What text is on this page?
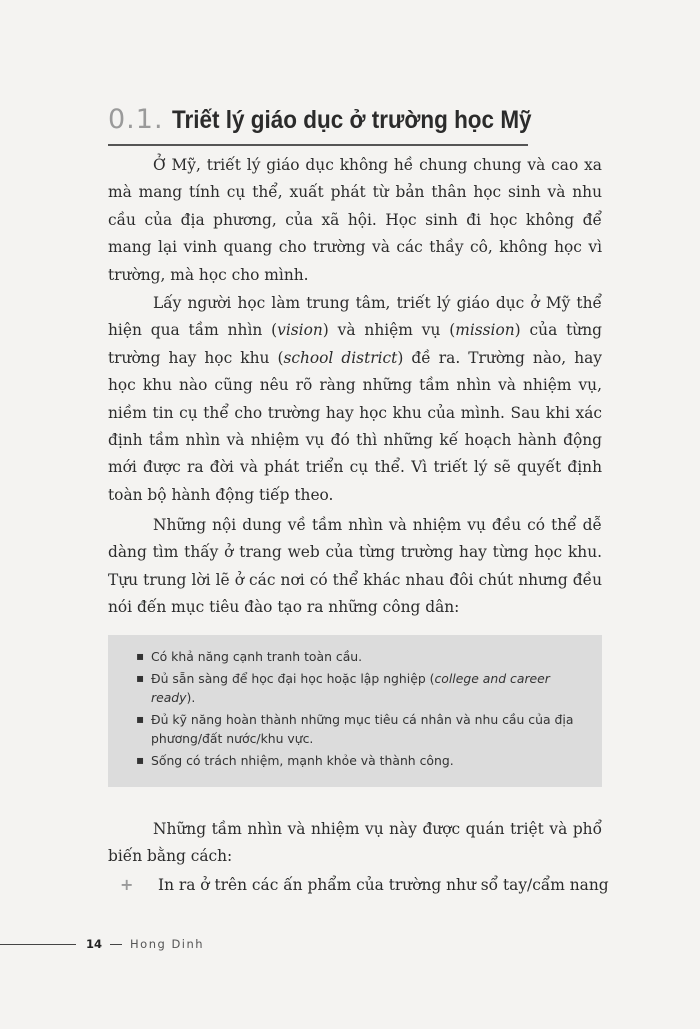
0.1. Triết lý giáo dục ở trường học Mỹ

Ở Mỹ, triết lý giáo dục không hề chung chung và cao xa mà mang tính cụ thể, xuất phát từ bản thân học sinh và nhu cầu của địa phương, của xã hội. Học sinh đi học không để mang lại vinh quang cho trường và các thầy cô, không học vì trường, mà học cho mình.

Lấy người học làm trung tâm, triết lý giáo dục ở Mỹ thể hiện qua tầm nhìn (vision) và nhiệm vụ (mission) của từng trường hay học khu (school district) đề ra. Trường nào, hay học khu nào cũng nêu rõ ràng những tầm nhìn và nhiệm vụ, niềm tin cụ thể cho trường hay học khu của mình. Sau khi xác định tầm nhìn và nhiệm vụ đó thì những kế hoạch hành động mới được ra đời và phát triển cụ thể. Vì triết lý sẽ quyết định toàn bộ hành động tiếp theo.

Những nội dung về tầm nhìn và nhiệm vụ đều có thể dễ dàng tìm thấy ở trang web của từng trường hay từng học khu. Tựu trung lời lẽ ở các nơi có thể khác nhau đôi chút nhưng đều nói đến mục tiêu đào tạo ra những công dân:

▪ Có khả năng cạnh tranh toàn cầu.
▪ Đủ sẵn sàng để học đại học hoặc lập nghiệp (college and career ready).
▪ Đủ kỹ năng hoàn thành những mục tiêu cá nhân và nhu cầu của địa phương/đất nước/khu vực.
▪ Sống có trách nhiệm, mạnh khỏe và thành công.

Những tầm nhìn và nhiệm vụ này được quán triệt và phổ biến bằng cách:

+ In ra ở trên các ấn phẩm của trường như sổ tay/cẩm nang
14 Hong Dinh
